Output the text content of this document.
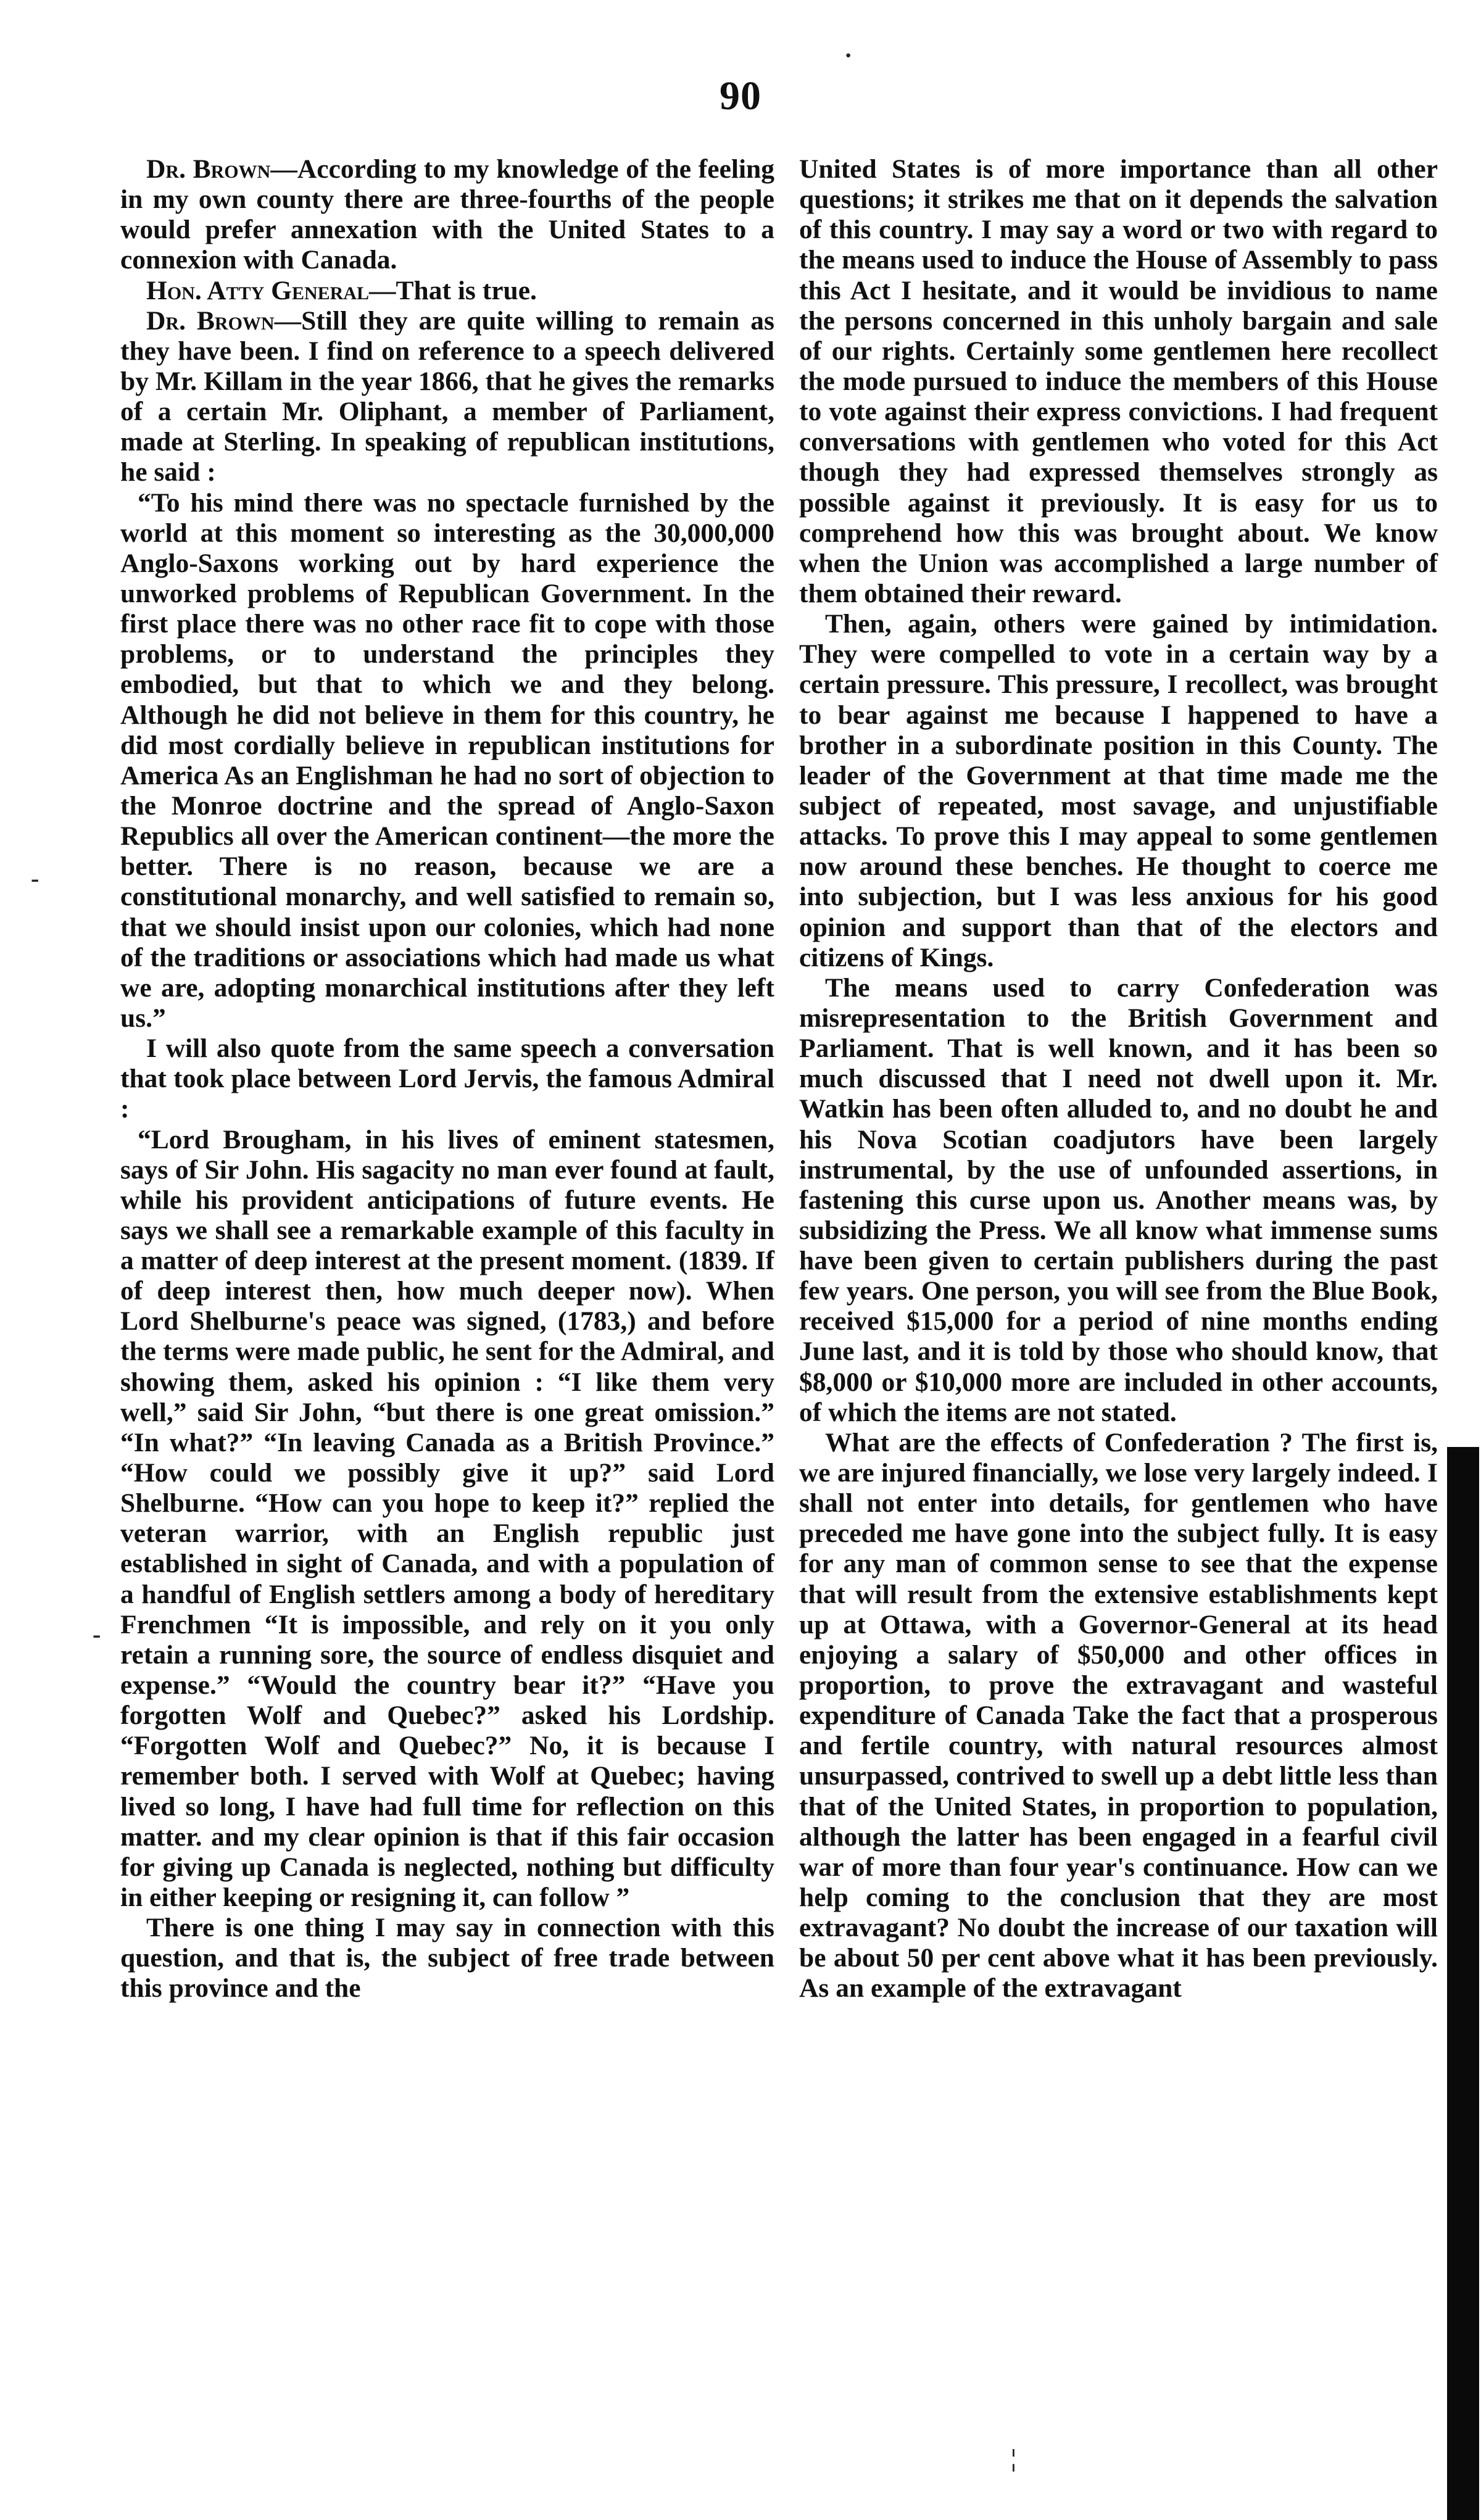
90

Dr. Brown—According to my knowledge of the feeling in my own county there are three-fourths of the people would prefer annexation with the United States to a connexion with Canada.

Hon. Atty General—That is true.

Dr. Brown—Still they are quite willing to remain as they have been. I find on reference to a speech delivered by Mr. Killam in the year 1866, that he gives the remarks of a certain Mr. Oliphant, a member of Parliament, made at Sterling. In speaking of republican institutions, he said :

“To his mind there was no spectacle furnished by the world at this moment so interesting as the 30,000,000 Anglo-Saxons working out by hard experience the unworked problems of Republican Government. In the first place there was no other race fit to cope with those problems, or to understand the principles they embodied, but that to which we and they belong. Although he did not believe in them for this country, he did most cordially believe in republican institutions for America As an Englishman he had no sort of objection to the Monroe doctrine and the spread of Anglo-Saxon Republics all over the American continent—the more the better. There is no reason, because we are a constitutional monarchy, and well satisfied to remain so, that we should insist upon our colonies, which had none of the traditions or associations which had made us what we are, adopting monarchical institutions after they left us.”

I will also quote from the same speech a conversation that took place between Lord Jervis, the famous Admiral :

“Lord Brougham, in his lives of eminent statesmen, says of Sir John. His sagacity no man ever found at fault, while his provident anticipations of future events. He says we shall see a remarkable example of this faculty in a matter of deep interest at the present moment. (1839. If of deep interest then, how much deeper now). When Lord Shelburne's peace was signed, (1783,) and before the terms were made public, he sent for the Admiral, and showing them, asked his opinion : “I like them very well,” said Sir John, “but there is one great omission.” “In what?” “In leaving Canada as a British Province.” “How could we possibly give it up?” said Lord Shelburne. “How can you hope to keep it?” replied the veteran warrior, with an English republic just established in sight of Canada, and with a population of a handful of English settlers among a body of hereditary Frenchmen “It is impossible, and rely on it you only retain a running sore, the source of endless disquiet and expense.” “Would the country bear it?” “Have you forgotten Wolf and Quebec?” asked his Lordship. “Forgotten Wolf and Quebec?” No, it is because I remember both. I served with Wolf at Quebec; having lived so long, I have had full time for reflection on this matter. and my clear opinion is that if this fair occasion for giving up Canada is neglected, nothing but difficulty in either keeping or resigning it, can follow ”

There is one thing I may say in connection with this question, and that is, the subject of free trade between this province and the

United States is of more importance than all other questions; it strikes me that on it depends the salvation of this country. I may say a word or two with regard to the means used to induce the House of Assembly to pass this Act I hesitate, and it would be invidious to name the persons concerned in this unholy bargain and sale of our rights. Certainly some gentlemen here recollect the mode pursued to induce the members of this House to vote against their express convictions. I had frequent conversations with gentlemen who voted for this Act though they had expressed themselves strongly as possible against it previously. It is easy for us to comprehend how this was brought about. We know when the Union was accomplished a large number of them obtained their reward.

Then, again, others were gained by intimidation. They were compelled to vote in a certain way by a certain pressure. This pressure, I recollect, was brought to bear against me because I happened to have a brother in a subordinate position in this County. The leader of the Government at that time made me the subject of repeated, most savage, and unjustifiable attacks. To prove this I may appeal to some gentlemen now around these benches. He thought to coerce me into subjection, but I was less anxious for his good opinion and support than that of the electors and citizens of Kings.

The means used to carry Confederation was misrepresentation to the British Government and Parliament. That is well known, and it has been so much discussed that I need not dwell upon it. Mr. Watkin has been often alluded to, and no doubt he and his Nova Scotian coadjutors have been largely instrumental, by the use of unfounded assertions, in fastening this curse upon us. Another means was, by subsidizing the Press. We all know what immense sums have been given to certain publishers during the past few years. One person, you will see from the Blue Book, received $15,000 for a period of nine months ending June last, and it is told by those who should know, that $8,000 or $10,000 more are included in other accounts, of which the items are not stated.

What are the effects of Confederation ? The first is, we are injured financially, we lose very largely indeed. I shall not enter into details, for gentlemen who have preceded me have gone into the subject fully. It is easy for any man of common sense to see that the expense that will result from the extensive establishments kept up at Ottawa, with a Governor-General at its head enjoying a salary of $50,000 and other offices in proportion, to prove the extravagant and wasteful expenditure of Canada Take the fact that a prosperous and fertile country, with natural resources almost unsurpassed, contrived to swell up a debt little less than that of the United States, in proportion to population, although the latter has been engaged in a fearful civil war of more than four year's continuance. How can we help coming to the conclusion that they are most extravagant? No doubt the increase of our taxation will be about 50 per cent above what it has been previously. As an example of the extravagant

·
-
-
¦
